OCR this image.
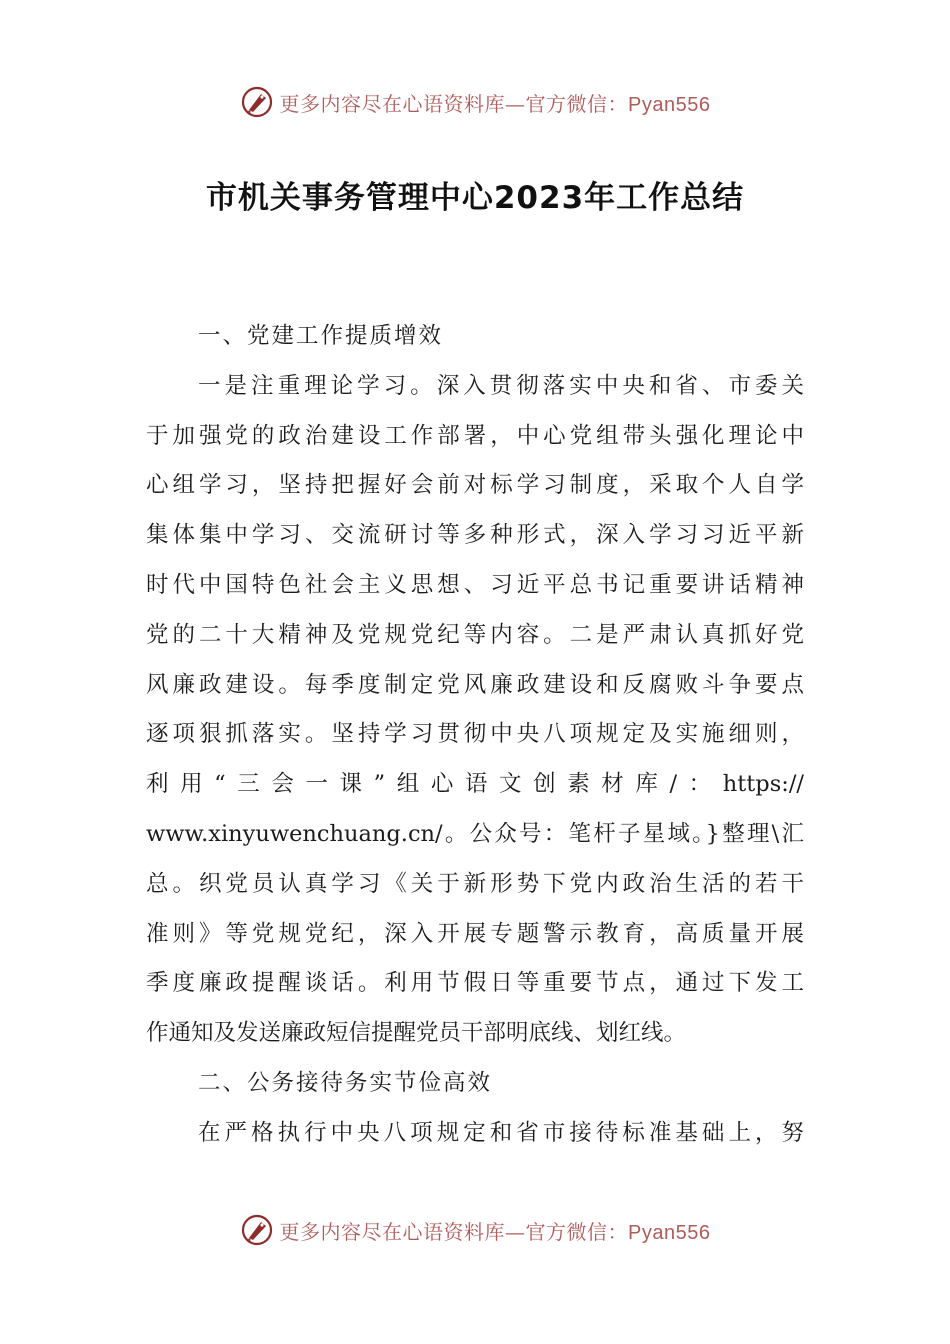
更多内容尽在心语资料库—官方微信：Pyan556
市机关事务管理中心2023年工作总结
一、党建工作提质增效
一是注重理论学习。深入贯彻落实中央和省、市委关
于加强党的政治建设工作部署，中心党组带头强化理论中
心组学习，坚持把握好会前对标学习制度，采取个人自学
集体集中学习、交流研讨等多种形式，深入学习习近平新
时代中国特色社会主义思想、习近平总书记重要讲话精神
党的二十大精神及党规党纪等内容。二是严肃认真抓好党
风廉政建设。每季度制定党风廉政建设和反腐败斗争要点
逐项狠抓落实。坚持学习贯彻中央八项规定及实施细则，
利用“三会一课”组心语文创素材库/：https://
www.xinyuwenchuang.cn/。公众号：笔杆子星域。}整理\汇
总。织党员认真学习《关于新形势下党内政治生活的若干
准则》等党规党纪，深入开展专题警示教育，高质量开展
季度廉政提醒谈话。利用节假日等重要节点，通过下发工
作通知及发送廉政短信提醒党员干部明底线、划红线。
二、公务接待务实节俭高效
在严格执行中央八项规定和省市接待标准基础上，努
更多内容尽在心语资料库—官方微信：Pyan556
